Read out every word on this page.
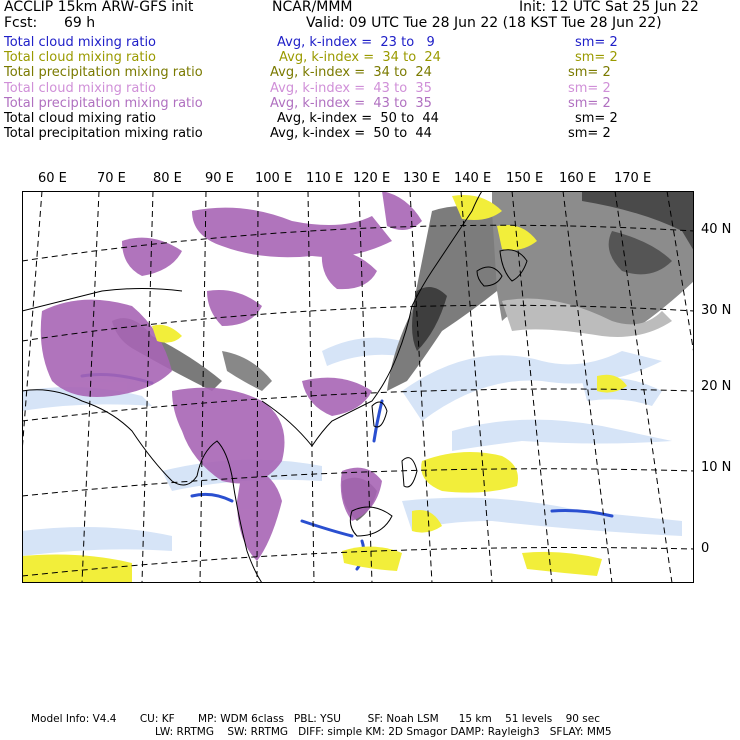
ACCLIP 15km ARW-GFS init	NCAR/MMM	Init: 12 UTC Sat 25 Jun 22
Fcst: 69 h	Valid: 09 UTC Tue 28 Jun 22 (18 KST Tue 28 Jun 22)
Total cloud mixing ratio	Avg, k-index =  23 to   9	sm= 2
Total cloud mixing ratio	Avg, k-index =  34 to  24	sm= 2
Total precipitation mixing ratio	Avg, k-index =  34 to  24	sm= 2
Total cloud mixing ratio	Avg, k-index =  43 to  35	sm= 2
Total precipitation mixing ratio	Avg, k-index =  43 to  35	sm= 2
Total cloud mixing ratio	Avg, k-index =  50 to  44	sm= 2
Total precipitation mixing ratio	Avg, k-index =  50 to  44	sm= 2
60 E 70 E 80 E 90 E 100 E 110 E 120 E 130 E 140 E 150 E 160 E 170 E
40 N
30 N
20 N
10 N
0
Model Info: V4.4       CU: KF       MP: WDM 6class   PBL: YSU        SF: Noah LSM      15 km    51 levels    90 sec
LW: RRTMG    SW: RRTMG   DIFF: simple KM: 2D Smagor DAMP: Rayleigh3   SFLAY: MM5
